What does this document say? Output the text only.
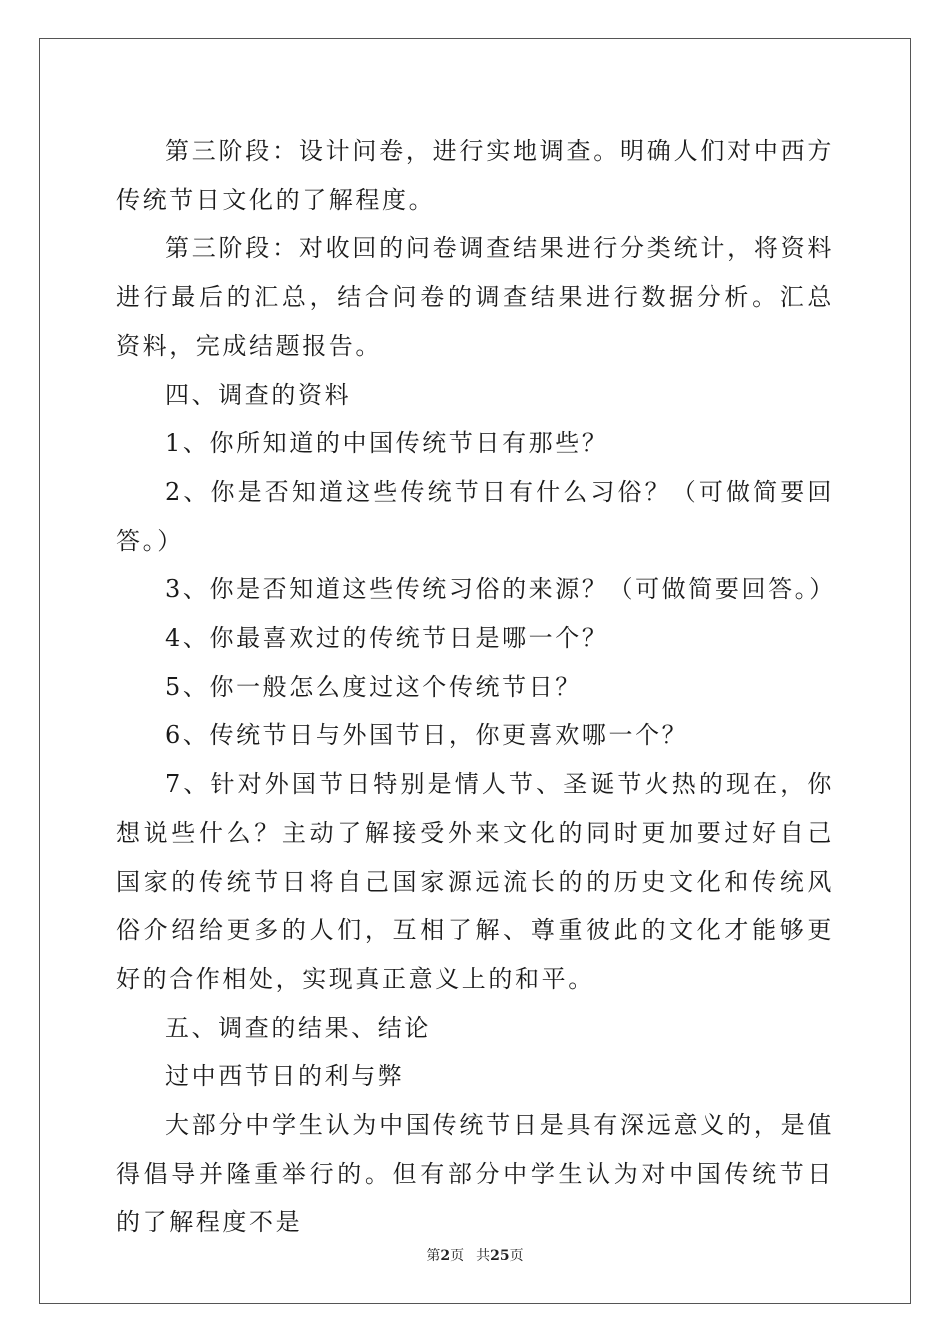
第三阶段：设计问卷，进行实地调查。明确人们对中西方传统节日文化的了解程度。

第三阶段：对收回的问卷调查结果进行分类统计，将资料进行最后的汇总，结合问卷的调查结果进行数据分析。汇总资料，完成结题报告。

四、调查的资料

1、你所知道的中国传统节日有那些？

2、你是否知道这些传统节日有什么习俗？（可做简要回答。）

3、你是否知道这些传统习俗的来源？（可做简要回答。）

4、你最喜欢过的传统节日是哪一个？

5、你一般怎么度过这个传统节日？

6、传统节日与外国节日，你更喜欢哪一个？

7、针对外国节日特别是情人节、圣诞节火热的现在，你想说些什么？主动了解接受外来文化的同时更加要过好自己国家的传统节日将自己国家源远流长的的历史文化和传统风俗介绍给更多的人们，互相了解、尊重彼此的文化才能够更好的合作相处，实现真正意义上的和平。

五、调查的结果、结论

过中西节日的利与弊

大部分中学生认为中国传统节日是具有深远意义的，是值得倡导并隆重举行的。但有部分中学生认为对中国传统节日的了解程度不是

第2页 共25页
